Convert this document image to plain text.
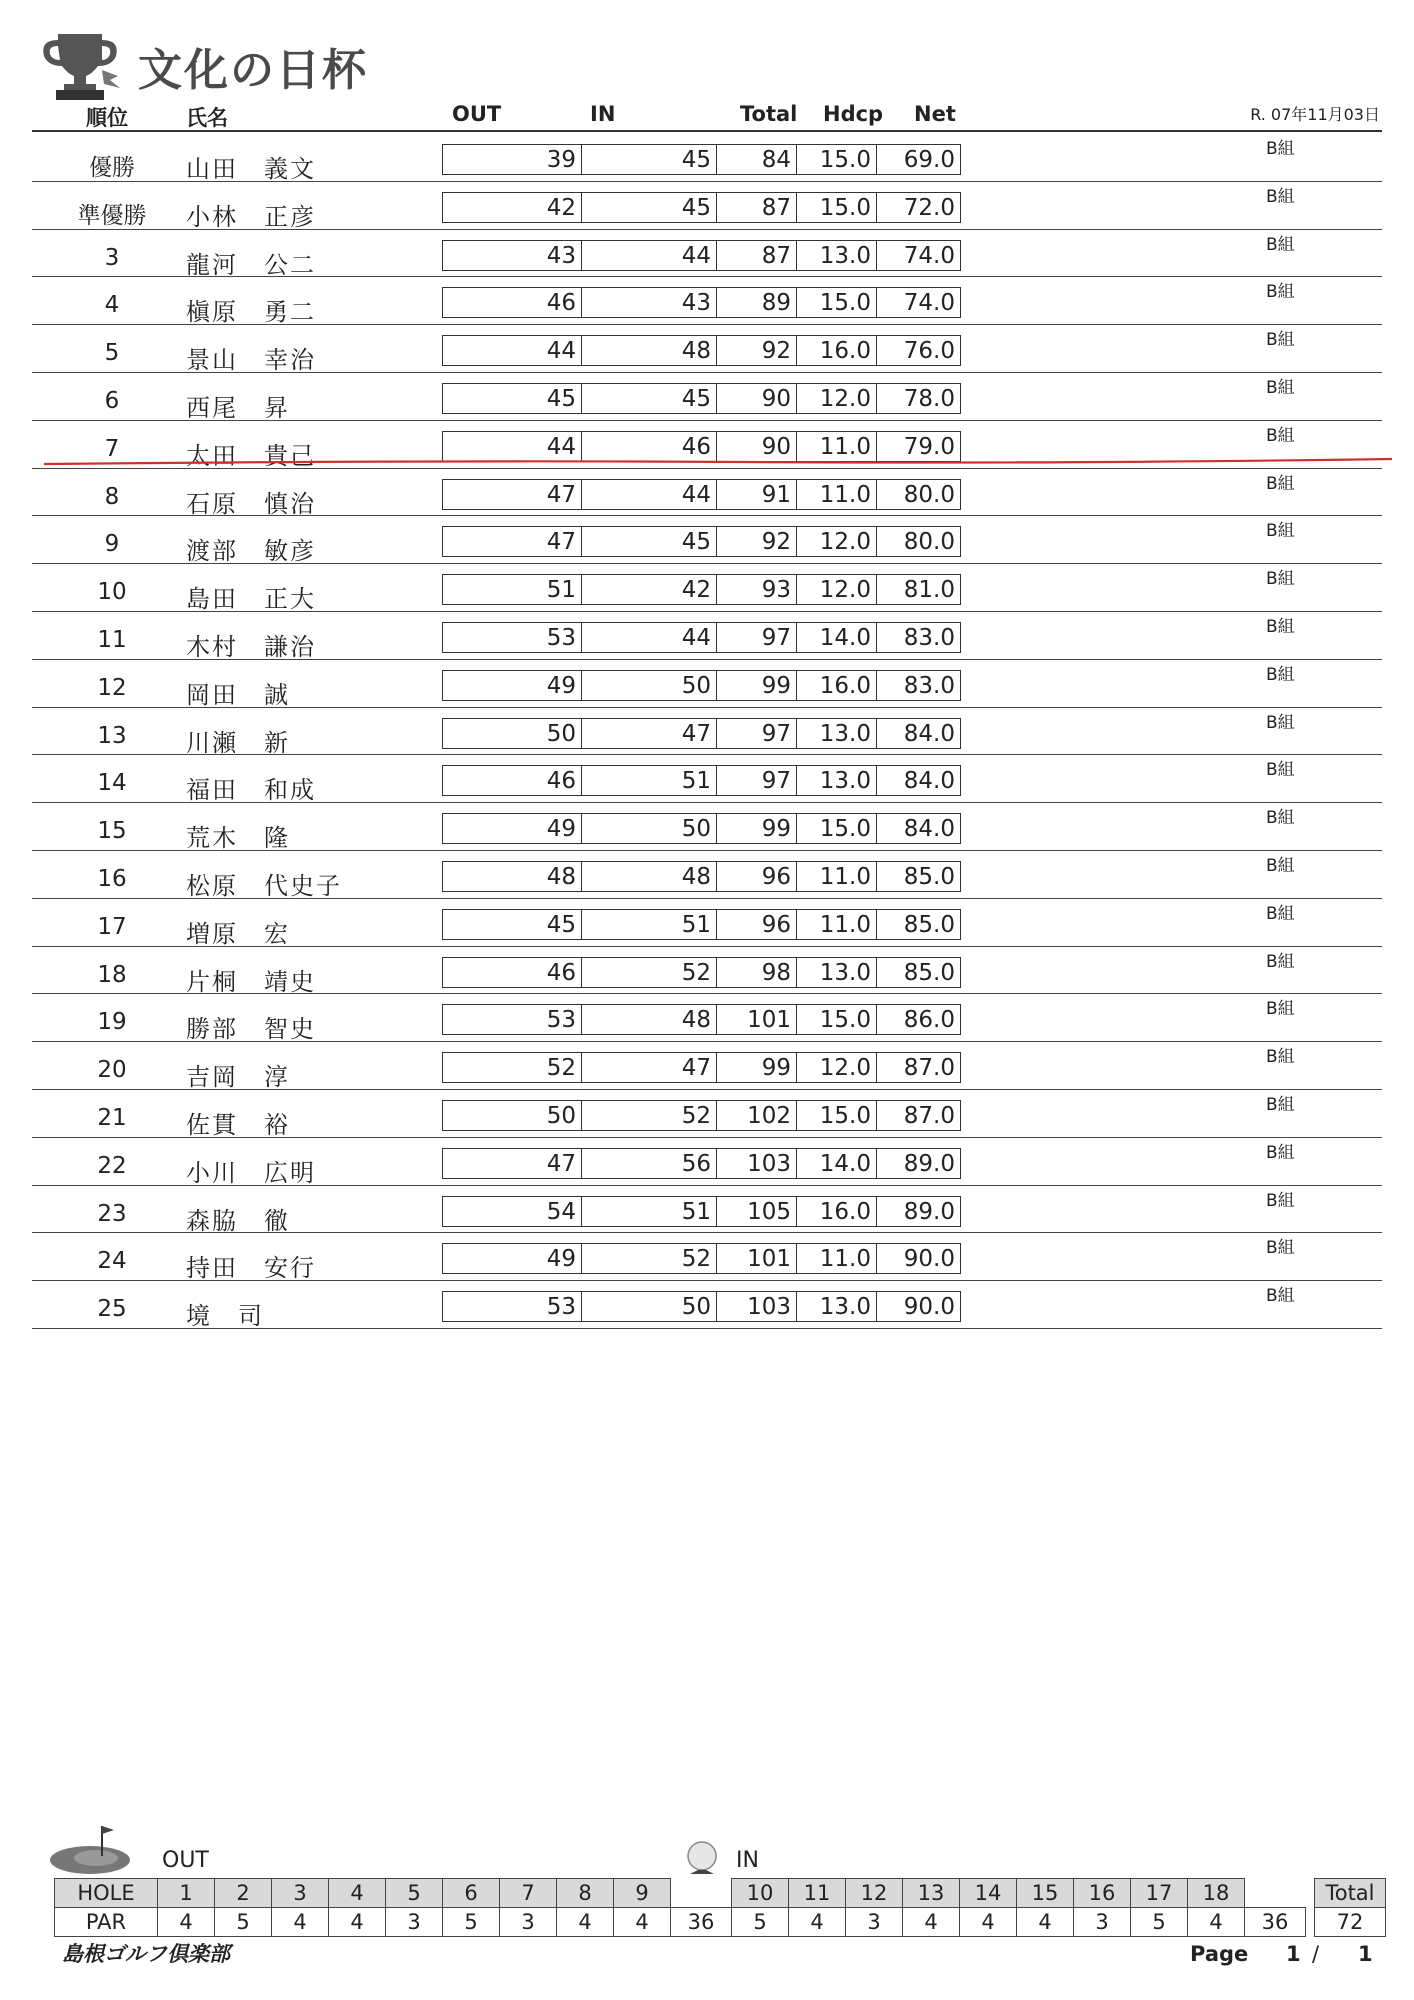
文化の日杯
順位	氏名	OUT	IN	Total Hdcp Net	R. 07年11月03日
B組
優勝	山田　義文	39	45	84	15.0	69.0
B組
準優勝	小林　正彦	42	45	87	15.0	72.0
B組
3	龍河　公二	43	44	87	13.0	74.0
B組
4	槇原　勇二	46	43	89	15.0	74.0
B組
5	景山　幸治	44	48	92	16.0	76.0
B組
6	西尾　昇	45	45	90	12.0	78.0
B組
7	太田　貴己	44	46	90	11.0	79.0
B組
8	石原　慎治	47	44	91	11.0	80.0
B組
9	渡部　敏彦	47	45	92	12.0	80.0
B組
10	島田　正大	51	42	93	12.0	81.0
B組
11	木村　謙治	53	44	97	14.0	83.0
B組
12	岡田　誠	49	50	99	16.0	83.0
B組
13	川瀬　新	50	47	97	13.0	84.0
B組
14	福田　和成	46	51	97	13.0	84.0
B組
15	荒木　隆	49	50	99	15.0	84.0
B組
16	松原　代史子	48	48	96	11.0	85.0
B組
17	増原　宏	45	51	96	11.0	85.0
B組
18	片桐　靖史	46	52	98	13.0	85.0
B組
19	勝部　智史	53	48	101	15.0	86.0
B組
20	吉岡　淳	52	47	99	12.0	87.0
B組
21	佐貫　裕	50	52	102	15.0	87.0
B組
22	小川　広明	47	56	103	14.0	89.0
B組
23	森脇　徹	54	51	105	16.0	89.0
B組
24	持田　安行	49	52	101	11.0	90.0
B組
25	境　司	53	50	103	13.0	90.0
OUT	IN
HOLE	1	2	3	4	5	6	7	8	9		10	11	12	13	14	15	16	17	18			Total
PAR	4	5	4	4	3	5	3	4	4	36	5	4	3	4	4	4	3	5	4	36		72
島根ゴルフ倶楽部	Page 1 / 1
